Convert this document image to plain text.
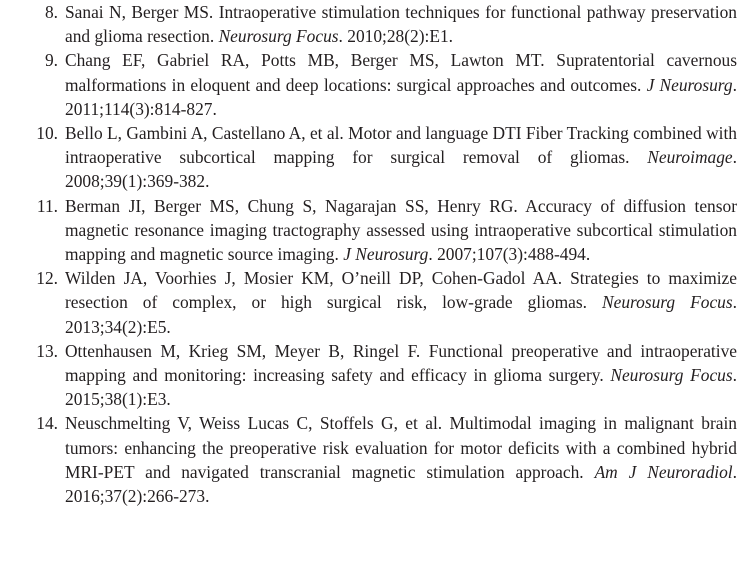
8. Sanai N, Berger MS. Intraoperative stimulation techniques for functional pathway preservation and glioma resection. Neurosurg Focus. 2010;28(2):E1.
9. Chang EF, Gabriel RA, Potts MB, Berger MS, Lawton MT. Supratentorial cavernous malformations in eloquent and deep locations: surgical approaches and outcomes. J Neurosurg. 2011;114(3):814-827.
10. Bello L, Gambini A, Castellano A, et al. Motor and language DTI Fiber Tracking combined with intraoperative subcortical mapping for surgical removal of gliomas. Neuroimage. 2008;39(1):369-382.
11. Berman JI, Berger MS, Chung S, Nagarajan SS, Henry RG. Accuracy of diffusion tensor magnetic resonance imaging tractography assessed using intraoperative subcortical stimulation mapping and magnetic source imaging. J Neurosurg. 2007;107(3):488-494.
12. Wilden JA, Voorhies J, Mosier KM, O’neill DP, Cohen-Gadol AA. Strategies to maximize resection of complex, or high surgical risk, low-grade gliomas. Neurosurg Focus. 2013;34(2):E5.
13. Ottenhausen M, Krieg SM, Meyer B, Ringel F. Functional preoperative and intraoperative mapping and monitoring: increasing safety and efficacy in glioma surgery. Neurosurg Focus. 2015;38(1):E3.
14. Neuschmelting V, Weiss Lucas C, Stoffels G, et al. Multimodal imaging in malignant brain tumors: enhancing the preoperative risk evaluation for motor deficits with a combined hybrid MRI-PET and navigated transcranial magnetic stimulation approach. Am J Neuroradiol. 2016;37(2):266-273.
